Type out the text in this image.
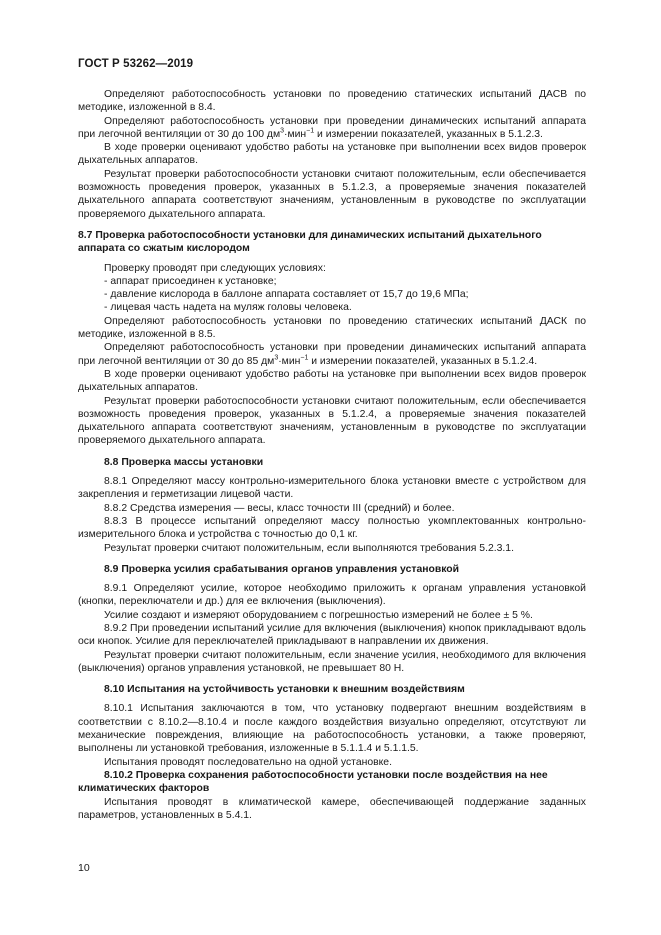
ГОСТ Р 53262—2019

Определяют работоспособность установки по проведению статических испытаний ДАСВ по методике, изложенной в 8.4.

Определяют работоспособность установки при проведении динамических испытаний аппарата при легочной вентиляции от 30 до 100 $дм^3\cdot мин^{-1}$ и измерении показателей, указанных в 5.1.2.3.

В ходе проверки оценивают удобство работы на установке при выполнении всех видов проверок дыхательных аппаратов.

Результат проверки работоспособности установки считают положительным, если обеспечивается возможность проведения проверок, указанных в 5.1.2.3, а проверяемые значения показателей дыхательного аппарата соответствуют значениям, установленным в руководстве по эксплуатации проверяемого дыхательного аппарата.

8.7 Проверка работоспособности установки для динамических испытаний дыхательного аппарата со сжатым кислородом

Проверку проводят при следующих условиях:

- аппарат присоединен к установке;

- давление кислорода в баллоне аппарата составляет от 15,7 до 19,6 МПа;

- лицевая часть надета на муляж головы человека.

Определяют работоспособность установки по проведению статических испытаний ДАСК по методике, изложенной в 8.5.

Определяют работоспособность установки при проведении динамических испытаний аппарата при легочной вентиляции от 30 до 85 $дм^3\cdot мин^{-1}$ и измерении показателей, указанных в 5.1.2.4.

В ходе проверки оценивают удобство работы на установке при выполнении всех видов проверок дыхательных аппаратов.

Результат проверки работоспособности установки считают положительным, если обеспечивается возможность проведения проверок, указанных в 5.1.2.4, а проверяемые значения показателей дыхательного аппарата соответствуют значениям, установленным в руководстве по эксплуатации проверяемого дыхательного аппарата.

8.8 Проверка массы установки

8.8.1 Определяют массу контрольно-измерительного блока установки вместе с устройством для закрепления и герметизации лицевой части.

8.8.2 Средства измерения — весы, класс точности III (средний) и более.

8.8.3 В процессе испытаний определяют массу полностью укомплектованных контрольно-измерительного блока и устройства с точностью до 0,1 кг.

Результат проверки считают положительным, если выполняются требования 5.2.3.1.

8.9 Проверка усилия срабатывания органов управления установкой

8.9.1 Определяют усилие, которое необходимо приложить к органам управления установкой (кнопки, переключатели и др.) для ее включения (выключения).

Усилие создают и измеряют оборудованием с погрешностью измерений не более ± 5 %.

8.9.2 При проведении испытаний усилие для включения (выключения) кнопок прикладывают вдоль оси кнопок. Усилие для переключателей прикладывают в направлении их движения.

Результат проверки считают положительным, если значение усилия, необходимого для включения (выключения) органов управления установкой, не превышает 80 Н.

8.10 Испытания на устойчивость установки к внешним воздействиям

8.10.1 Испытания заключаются в том, что установку подвергают внешним воздействиям в соответствии с 8.10.2—8.10.4 и после каждого воздействия визуально определяют, отсутствуют ли механические повреждения, влияющие на работоспособность установки, а также проверяют, выполнены ли установкой требования, изложенные в 5.1.1.4 и 5.1.1.5.

Испытания проводят последовательно на одной установке.

8.10.2 Проверка сохранения работоспособности установки после воздействия на нее климатических факторов

Испытания проводят в климатической камере, обеспечивающей поддержание заданных параметров, установленных в 5.4.1.

10
